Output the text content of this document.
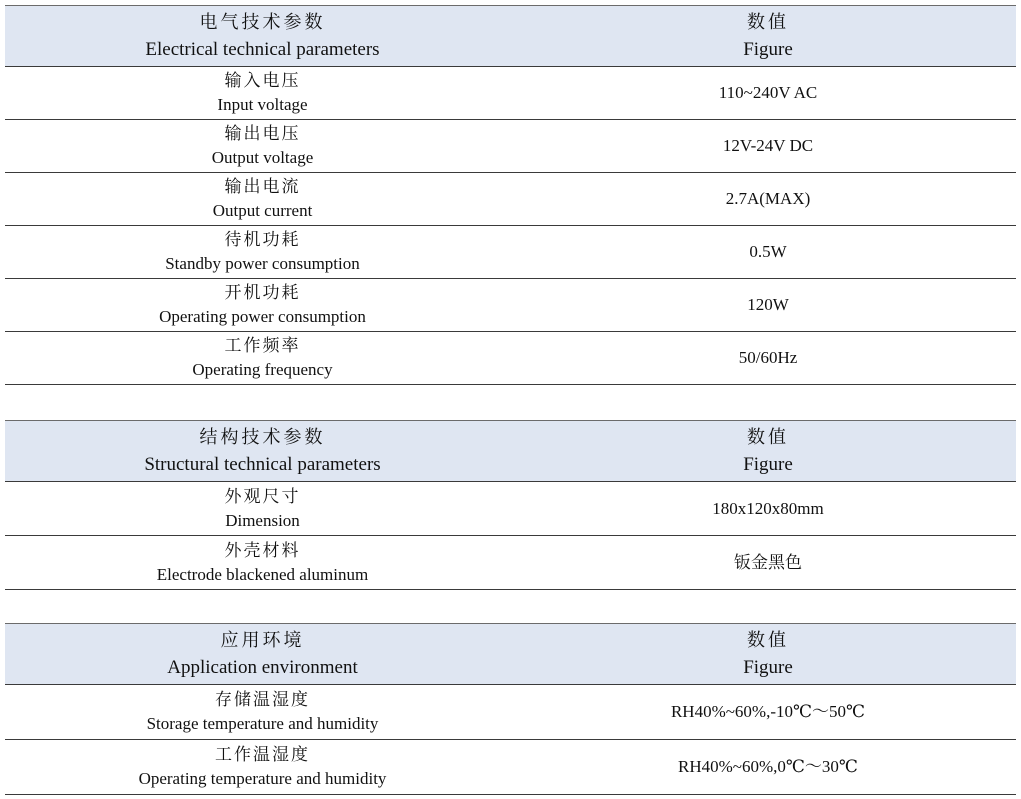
电气技术参数
Electrical technical parameters	数值
Figure

输入电压
Input voltage	110~240V AC

输出电压
Output voltage	12V-24V DC

输出电流
Output current	2.7A(MAX)

待机功耗
Standby power consumption	0.5W

开机功耗
Operating power consumption	120W

工作频率
Operating frequency	50/60Hz
结构技术参数
Structural technical parameters	数值
Figure

外观尺寸
Dimension	180x120x80mm

外壳材料
Electrode blackened aluminum	钣金黑色
应用环境
Application environment	数值
Figure

存储温湿度
Storage temperature and humidity	RH40%~60%,-10℃～50℃

工作温湿度
Operating temperature and humidity	RH40%~60%,0℃～30℃
